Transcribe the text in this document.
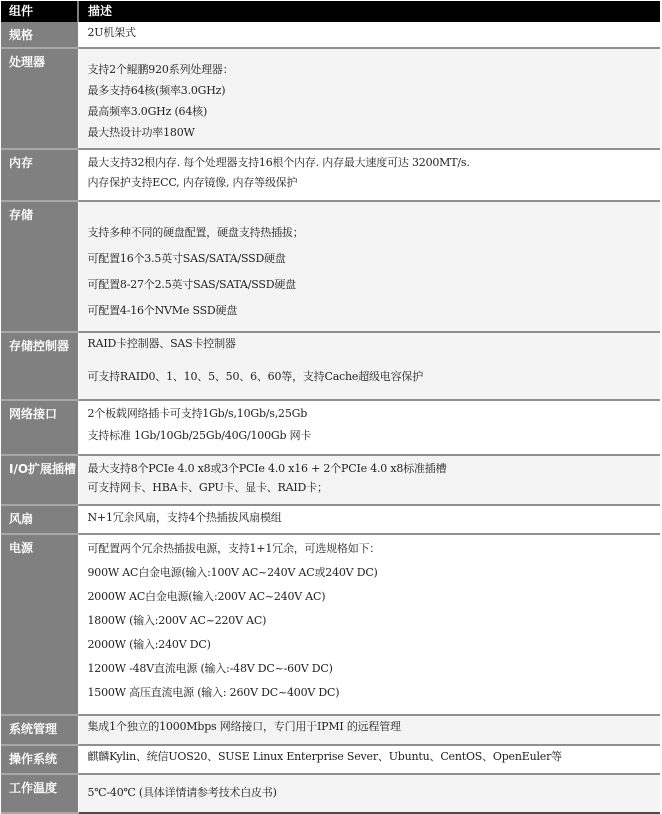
组件	描述
规格	2U机架式

处理器	支持2个鲲鹏920系列处理器：
最多支持64核(频率3.0GHz)
最高频率3.0GHz (64核)
最大热设计功率180W

内存	最大支持32根内存. 每个处理器支持16根个内存. 内存最大速度可达 3200MT/s.
内存保护支持ECC, 内存镜像, 内存等级保护

存储	支持多种不同的硬盘配置，硬盘支持热插拔；
可配置16个3.5英寸SAS/SATA/SSD硬盘
可配置8-27个2.5英寸SAS/SATA/SSD硬盘
可配置4-16个NVMe SSD硬盘

存储控制器	RAID卡控制器、SAS卡控制器
可支持RAID0、1、10、5、50、6、60等，支持Cache超级电容保护

网络接口	2个板载网络插卡可支持1Gb/s,10Gb/s,25Gb
支持标准 1Gb/10Gb/25Gb/40G/100Gb 网卡

I/O扩展插槽	最大支持8个PCIe 4.0 x8或3个PCIe 4.0 x16 + 2个PCIe 4.0 x8标准插槽
可支持网卡、HBA卡、GPU卡、显卡、RAID卡；

风扇	N+1冗余风扇，支持4个热插拔风扇模组

电源	可配置两个冗余热插拔电源，支持1+1冗余，可选规格如下：
900W AC白金电源(输入:100V AC~240V AC或240V DC)
2000W AC白金电源(输入:200V AC~240V AC)
1800W (输入:200V AC~220V AC)
2000W (输入:240V DC)
1200W -48V直流电源 (输入:-48V DC~-60V DC)
1500W 高压直流电源 (输入: 260V DC~400V DC)

系统管理	集成1个独立的1000Mbps 网络接口，专门用于IPMI 的远程管理

操作系统	麒麟Kylin、统信UOS20、SUSE Linux Enterprise Sever、Ubuntu、CentOS、OpenEuler等

工作温度	5℃-40℃ (具体详情请参考技术白皮书)
